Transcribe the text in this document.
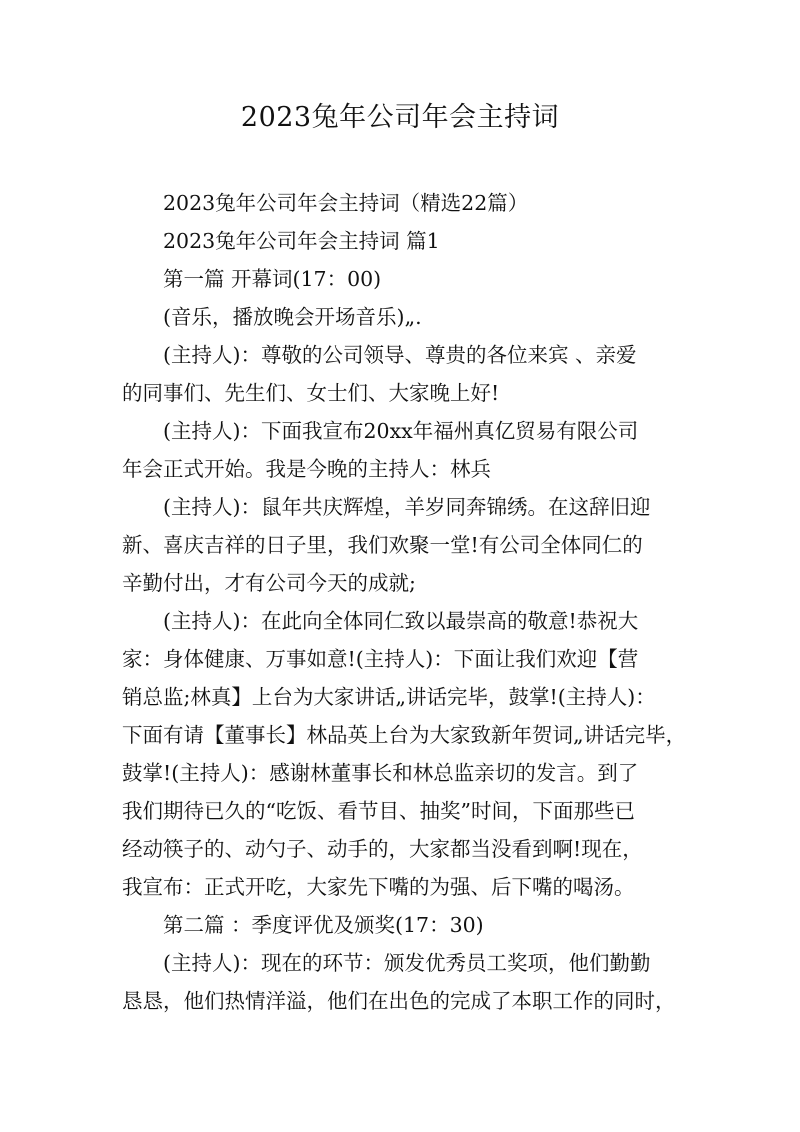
2023兔年公司年会主持词
2023兔年公司年会主持词（精选22篇）
2023兔年公司年会主持词 篇1
第一篇 开幕词(17：00)
(音乐，播放晚会开场音乐)„.
(主持人)：尊敬的公司领导、尊贵的各位来宾 、亲爱
的同事们、先生们、女士们、大家晚上好!
(主持人)：下面我宣布20xx年福州真亿贸易有限公司
年会正式开始。我是今晚的主持人：林兵
(主持人)：鼠年共庆辉煌，羊岁同奔锦绣。在这辞旧迎
新、喜庆吉祥的日子里，我们欢聚一堂!有公司全体同仁的
辛勤付出，才有公司今天的成就;
(主持人)：在此向全体同仁致以最崇高的敬意!恭祝大
家：身体健康、万事如意!(主持人)：下面让我们欢迎【营
销总监;林真】上台为大家讲话„讲话完毕，鼓掌!(主持人)：
下面有请【董事长】林品英上台为大家致新年贺词„讲话完毕，
鼓掌!(主持人)：感谢林董事长和林总监亲切的发言。到了
我们期待已久的“吃饭、看节目、抽奖”时间，下面那些已
经动筷子的、动勺子、动手的，大家都当没看到啊!现在，
我宣布：正式开吃，大家先下嘴的为强、后下嘴的喝汤。
第二篇 ：季度评优及颁奖(17：30)
(主持人)：现在的环节：颁发优秀员工奖项，他们勤勤
恳恳，他们热情洋溢，他们在出色的完成了本职工作的同时，
